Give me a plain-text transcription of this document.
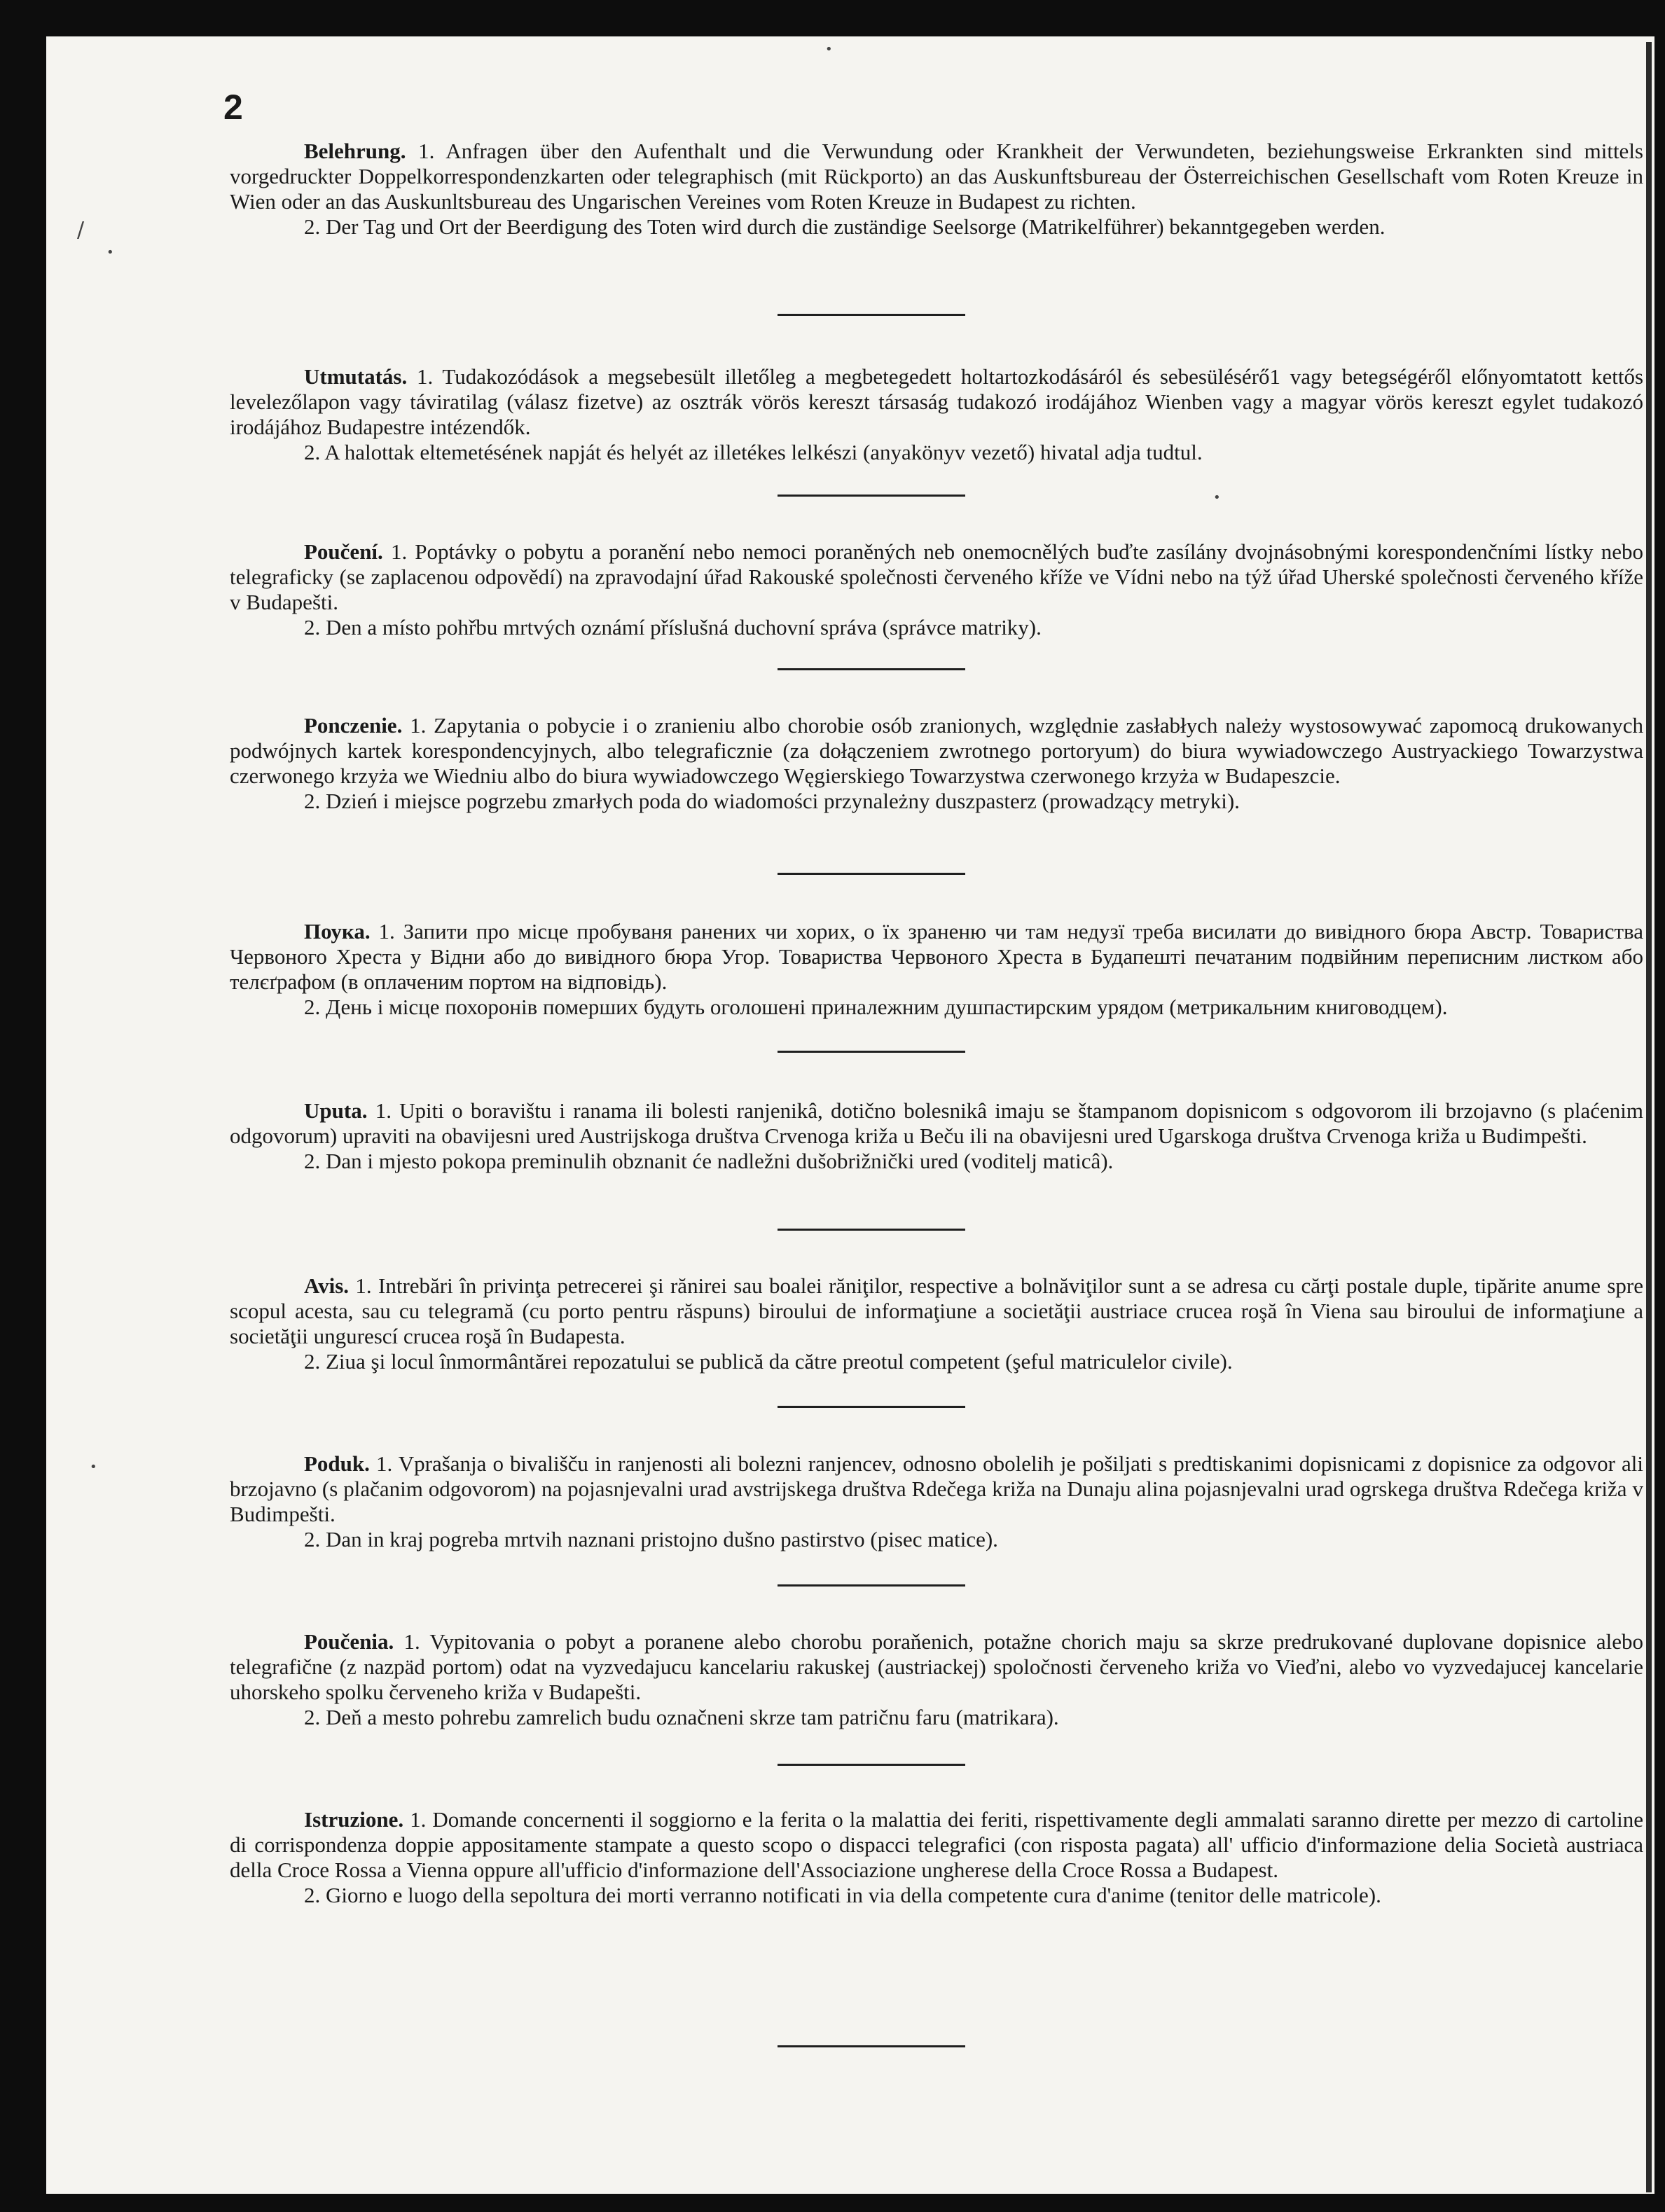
2

Belehrung. 1. Anfragen über den Aufenthalt und die Verwundung oder Krankheit der Verwundeten, beziehungsweise Erkrankten sind mittels vorgedruckter Doppelkorrespondenzkarten oder telegraphisch (mit Rückporto) an das Auskunftsbureau der Österreichischen Gesellschaft vom Roten Kreuze in Wien oder an das Auskunltsbureau des Ungarischen Vereines vom Roten Kreuze in Budapest zu richten.

2. Der Tag und Ort der Beerdigung des Toten wird durch die zuständige Seelsorge (Matrikelführer) bekanntgegeben werden.

Utmutatás. 1. Tudakozódások a megsebesült illetőleg a megbetegedett holtartozkodásáról és sebesülésérő1 vagy betegségéről előnyomtatott kettős levelezőlapon vagy táviratilag (válasz fizetve) az osztrák vörös kereszt társaság tudakozó irodájához Wienben vagy a magyar vörös kereszt egylet tudakozó irodájához Budapestre intézendők.

2. A halottak eltemetésének napját és helyét az illetékes lelkészi (anyakönyv vezető) hivatal adja tudtul.

Poučení. 1. Poptávky o pobytu a poranění nebo nemoci poraněných neb onemocnělých buďte zasílány dvojnásobnými korespondenčními lístky nebo telegraficky (se zaplacenou odpovědí) na zpravodajní úřad Rakouské společnosti červeného kříže ve Vídni nebo na týž úřad Uherské společnosti červeného kříže v Budapešti.

2. Den a místo pohřbu mrtvých oznámí příslušná duchovní správa (správce matriky).

Ponczenie. 1. Zapytania o pobycie i o zranieniu albo chorobie osób zranionych, względnie zasłabłych należy wystosowywać zapomocą drukowanych podwójnych kartek korespondencyjnych, albo telegraficznie (za dołączeniem zwrotnego portoryum) do biura wywiadowczego Austryackiego Towarzystwa czerwonego krzyża we Wiedniu albo do biura wywiadowczego Węgierskiego Towarzystwa czerwonego krzyża w Budapeszcie.

2. Dzień i miejsce pogrzebu zmarłych poda do wiadomości przynależny duszpasterz (prowadzący metryki).

Поука. 1. Запити про місце пробуваня ранених чи хорих, о їх зраненю чи там недузї треба висилати до вивідного бюра Австр. Товариства Червоного Хреста у Відни або до вивідного бюра Угор. Товариства Червоного Хреста в Будапешті печатаним подвійним переписним листком або телєґрафом (в оплаченим портом на відповідь).

2. День і місце похоронів померших будуть оголошені приналежним душпастирским урядом (метрикальним книговодцем).

Uputa. 1. Upiti o boravištu i ranama ili bolesti ranjenikâ, dotično bolesnikâ imaju se štampanom dopisnicom s odgovorom ili brzojavno (s plaćenim odgovorum) upraviti na obavijesni ured Austrijskoga društva Crvenoga križa u Beču ili na obavijesni ured Ugarskoga društva Crvenoga križa u Budimpešti.

2. Dan i mjesto pokopa preminulih obznanit će nadležni dušobrižnički ured (voditelj maticâ).

Avis. 1. Intrebări în privinţa petrecerei şi rănirei sau boalei răniţilor, respective a bolnăviţilor sunt a se adresa cu cărţi postale duple, tipărite anume spre scopul acesta, sau cu telegramă (cu porto pentru răspuns) biroului de informaţiune a societăţii austriace crucea roşă în Viena sau biroului de informaţiune a societăţii ungurescí crucea roşă în Budapesta.

2. Ziua şi locul înmormântărei repozatului se publică da către preotul competent (şeful matriculelor civile).

Poduk. 1. Vprašanja o bivališču in ranjenosti ali bolezni ranjencev, odnosno obolelih je pošiljati s predtiskanimi dopisnicami z dopisnice za odgovor ali brzojavno (s plačanim odgovorom) na pojasnjevalni urad avstrijskega društva Rdečega križa na Dunaju alina pojasnjevalni urad ogrskega društva Rdečega križa v Budimpešti.

2. Dan in kraj pogreba mrtvih naznani pristojno dušno pastirstvo (pisec matice).

Poučenia. 1. Vypitovania o pobyt a poranene alebo chorobu poraňenich, potažne chorich maju sa skrze predrukované duplovane dopisnice alebo telegrafične (z nazpäd portom) odat na vyzvedajucu kancelariu rakuskej (austriackej) spoločnosti červeneho križa vo Vieďni, alebo vo vyzvedajucej kancelarie uhorskeho spolku červeneho križa v Budapešti.

2. Deň a mesto pohrebu zamrelich budu označneni skrze tam patričnu faru (matrikara).

Istruzione. 1. Domande concernenti il soggiorno e la ferita o la malattia dei feriti, rispettivamente degli ammalati saranno dirette per mezzo di cartoline di corrispondenza doppie appositamente stampate a questo scopo o dispacci telegrafici (con risposta pagata) all' ufficio d'informazione delia Società austriaca della Croce Rossa a Vienna oppure all'ufficio d'informazione dell'Associazione ungherese della Croce Rossa a Budapest.

2. Giorno e luogo della sepoltura dei morti verranno notificati in via della competente cura d'anime (tenitor delle matricole).

/
•
•
•
•
